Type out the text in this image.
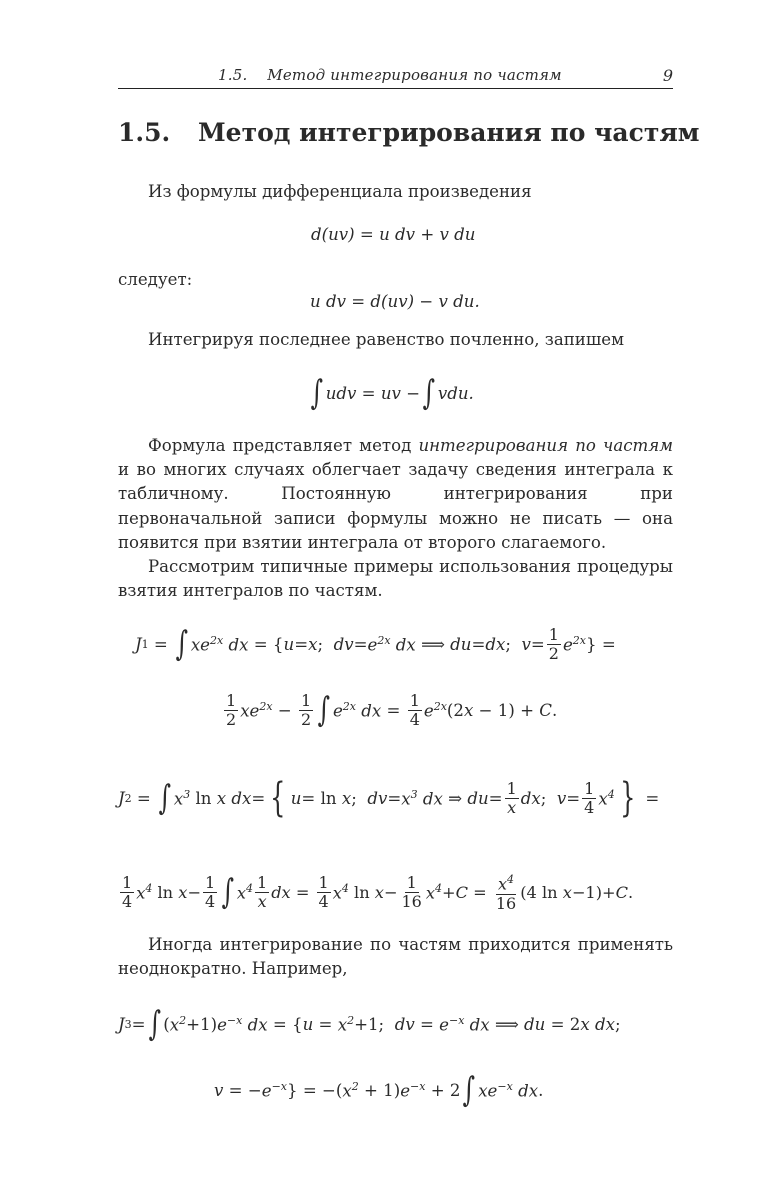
1.5.    Метод интегрирования по частям	9
1.5. Метод интегрирования по частям

Из формулы дифференциала произведения

d(uv) = u dv + v du

следует:

u dv = d(uv) − v du.

Интегрируя последнее равенство почленно, запишем

∫ udv = uv − ∫ vdu.

Формула представляет метод интегрирования по частям и во многих случаях облегчает задачу сведения интеграла к табличному. Постоянную интегрирования при первоначальной записи формулы можно не писать — она появится при взятии интеграла от второго слагаемого.

Рассмотрим типичные примеры использования процедуры взятия интегралов по частям.

J 1 = ∫ $xe^{2x}$ dx = { u = x ; dv = $e^{2x}$ dx ⟹ du = dx ; $v = \frac{1}{2} e^{2x}$ } =
$\frac{1}{2} xe^{2x} - \frac{1}{2}$ ∫ $e^{2x}$ dx = $\frac{1}{4} e^{2x}$ (2 x − 1) + C .
J 2 = ∫ $x^3$ ln x dx = { u = ln x ; dv = $x^3$ dx ⇒ du = $\frac{1}{x}$ dx ; $v = \frac{1}{4} x^4$ } =
$\frac{1}{4} x^4$ $\ln x - \frac{1}{4}$ ∫ $x^4 \frac{1}{x}$ dx = $\frac{1}{4} x^4$ $\ln x - \frac{1}{16} x^4 + C = \frac{x^4}{16} (4$ ln x −1)+ C .

Иногда интегрирование по частям приходится применять неоднократно. Например,

J 3 = ∫ ( $x^2 +1$) $e^{-x}$ dx = { $u = x^2 +1$; dv = $e^{-x}$ dx ⟹ du = 2 x dx ;
v = − $e^{-x}$ } = −( $x^2 + 1$) $e^{-x} + 2$ ∫ $xe^{-x}$ dx .
